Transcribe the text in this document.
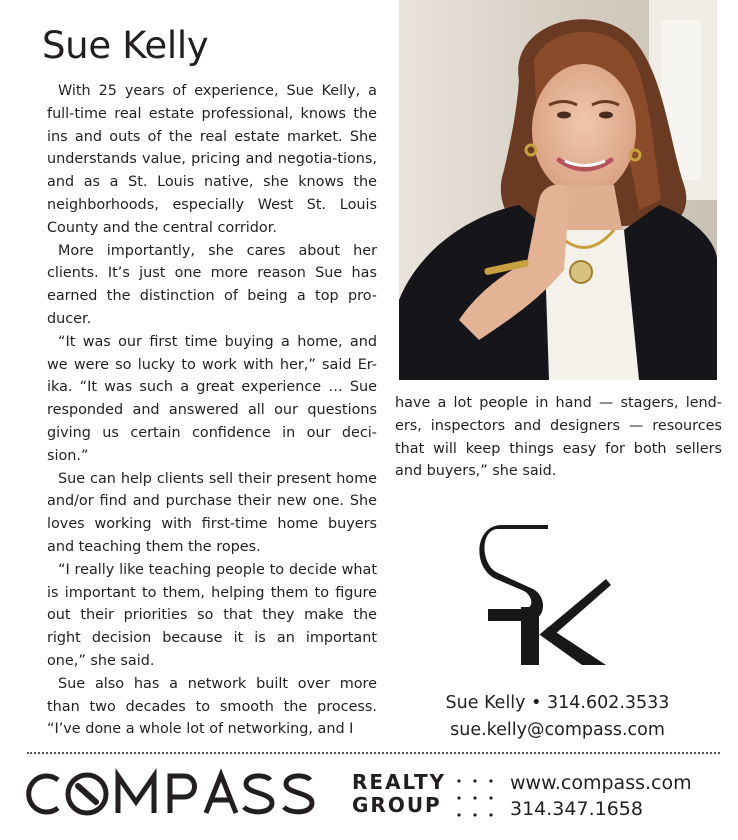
Sue Kelly

With 25 years of experience, Sue Kelly, a full-time real estate professional, knows the ins and outs of the real estate market. She understands value, pricing and negotia-tions, and as a St. Louis native, she knows the neighborhoods, especially West St. Louis County and the central corridor.

More importantly, she cares about her clients. It’s just one more reason Sue has earned the distinction of being a top pro-ducer.

“It was our first time buying a home, and we were so lucky to work with her,” said Er-ika. “It was such a great experience … Sue responded and answered all our questions giving us certain confidence in our deci-sion.”

Sue can help clients sell their present home and/or find and purchase their new one. She loves working with first-time home buyers and teaching them the ropes.

“I really like teaching people to decide what is important to them, helping them to figure out their priorities so that they make the right decision because it is an important one,” she said.

Sue also has a network built over more than two decades to smooth the process. “I’ve done a whole lot of networking, and I

have a lot people in hand — stagers, lend-ers, inspectors and designers — resources that will keep things easy for both sellers and buyers,” she said.

Sue Kelly • 314.602.3533
sue.kelly@compass.com
REALTY
GROUP
www.compass.com
314.347.1658
